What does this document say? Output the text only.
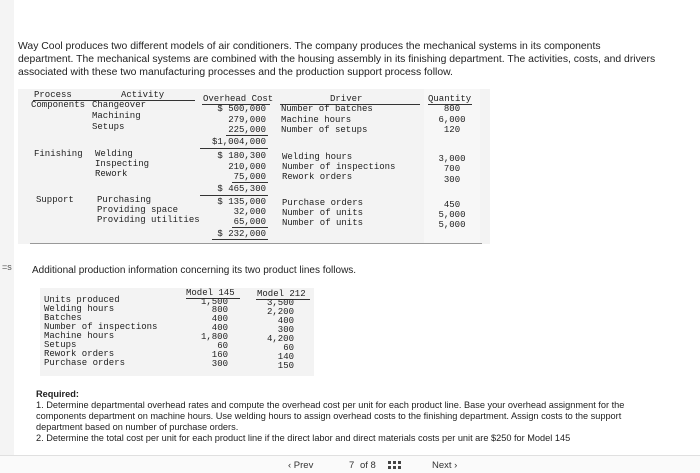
=s

Way Cool produces two different models of air conditioners. The company produces the mechanical systems in its components department. The mechanical systems are combined with the housing assembly in its finishing department. The activities, costs, and drivers associated with these two manufacturing processes and the production support process follow.

Process	Activity	Overhead Cost	Driver	Quantity
Components Changeover	$ 500,000 Number of batches	800
Machining	279,000 Machine hours	6,000
Setups	225,000 Number of setups	120
$1,004,000
Finishing Welding	$ 180,300 Welding hours	3,000
Inspecting	210,000 Number of inspections	700
Rework	75,000 Rework orders	300
$ 465,300
Support	Purchasing	$ 135,000 Purchase orders	450
Providing space	32,000 Number of units	5,000
Providing utilities	65,000 Number of units	5,000
$ 232,000

Additional production information concerning its two product lines follows.

Model 145 Model 212
Units produced	1,500	3,500
Welding hours	800	2,200
Batches	400	400
Number of inspections	400	300
Machine hours	1,800	4,200
Setups	60	60
Rework orders	160	140
Purchase orders	300	150
Required:
1. Determine departmental overhead rates and compute the overhead cost per unit for each product line. Base your overhead assignment for the components department on machine hours. Use welding hours to assign overhead costs to the finishing department. Assign costs to the support department based on number of purchase orders.
2. Determine the total cost per unit for each product line if the direct labor and direct materials costs per unit are $250 for Model 145
‹ Prev	7 of 8	Next ›
